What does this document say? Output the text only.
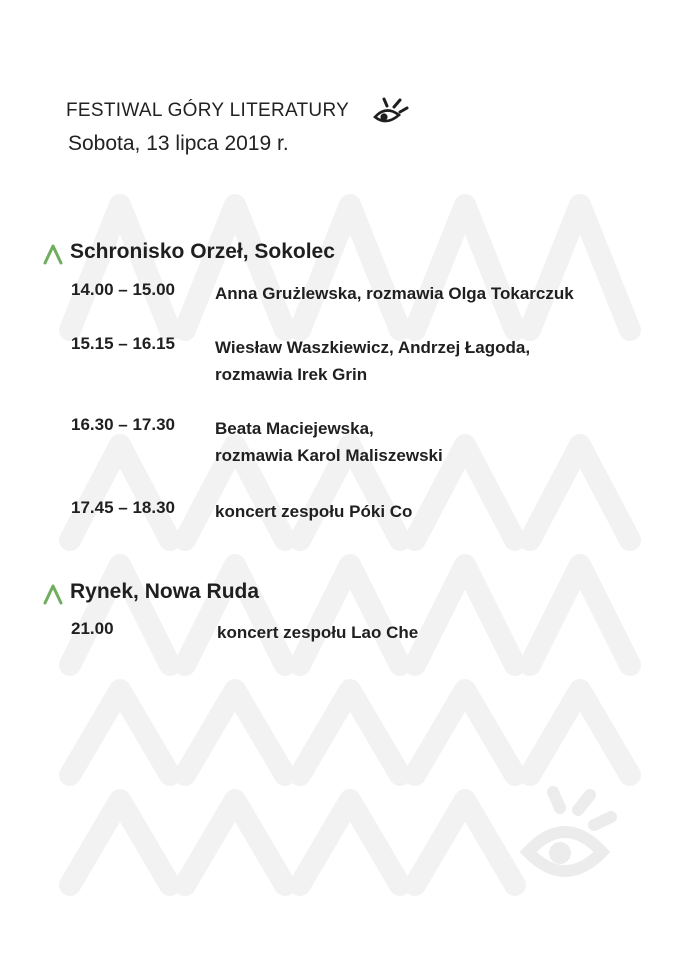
FESTIWAL GÓRY LITERATURY
Sobota, 13 lipca 2019 r.
Schronisko Orzeł, Sokolec
14.00 – 15.00 Anna Grużlewska, rozmawia Olga Tokarczuk
15.15 – 16.15 Wiesław Waszkiewicz, Andrzej Łagoda,
rozmawia Irek Grin
16.30 – 17.30 Beata Maciejewska,
rozmawia Karol Maliszewski
17.45 – 18.30 koncert zespołu Póki Co
Rynek, Nowa Ruda
21.00	koncert zespołu Lao Che
